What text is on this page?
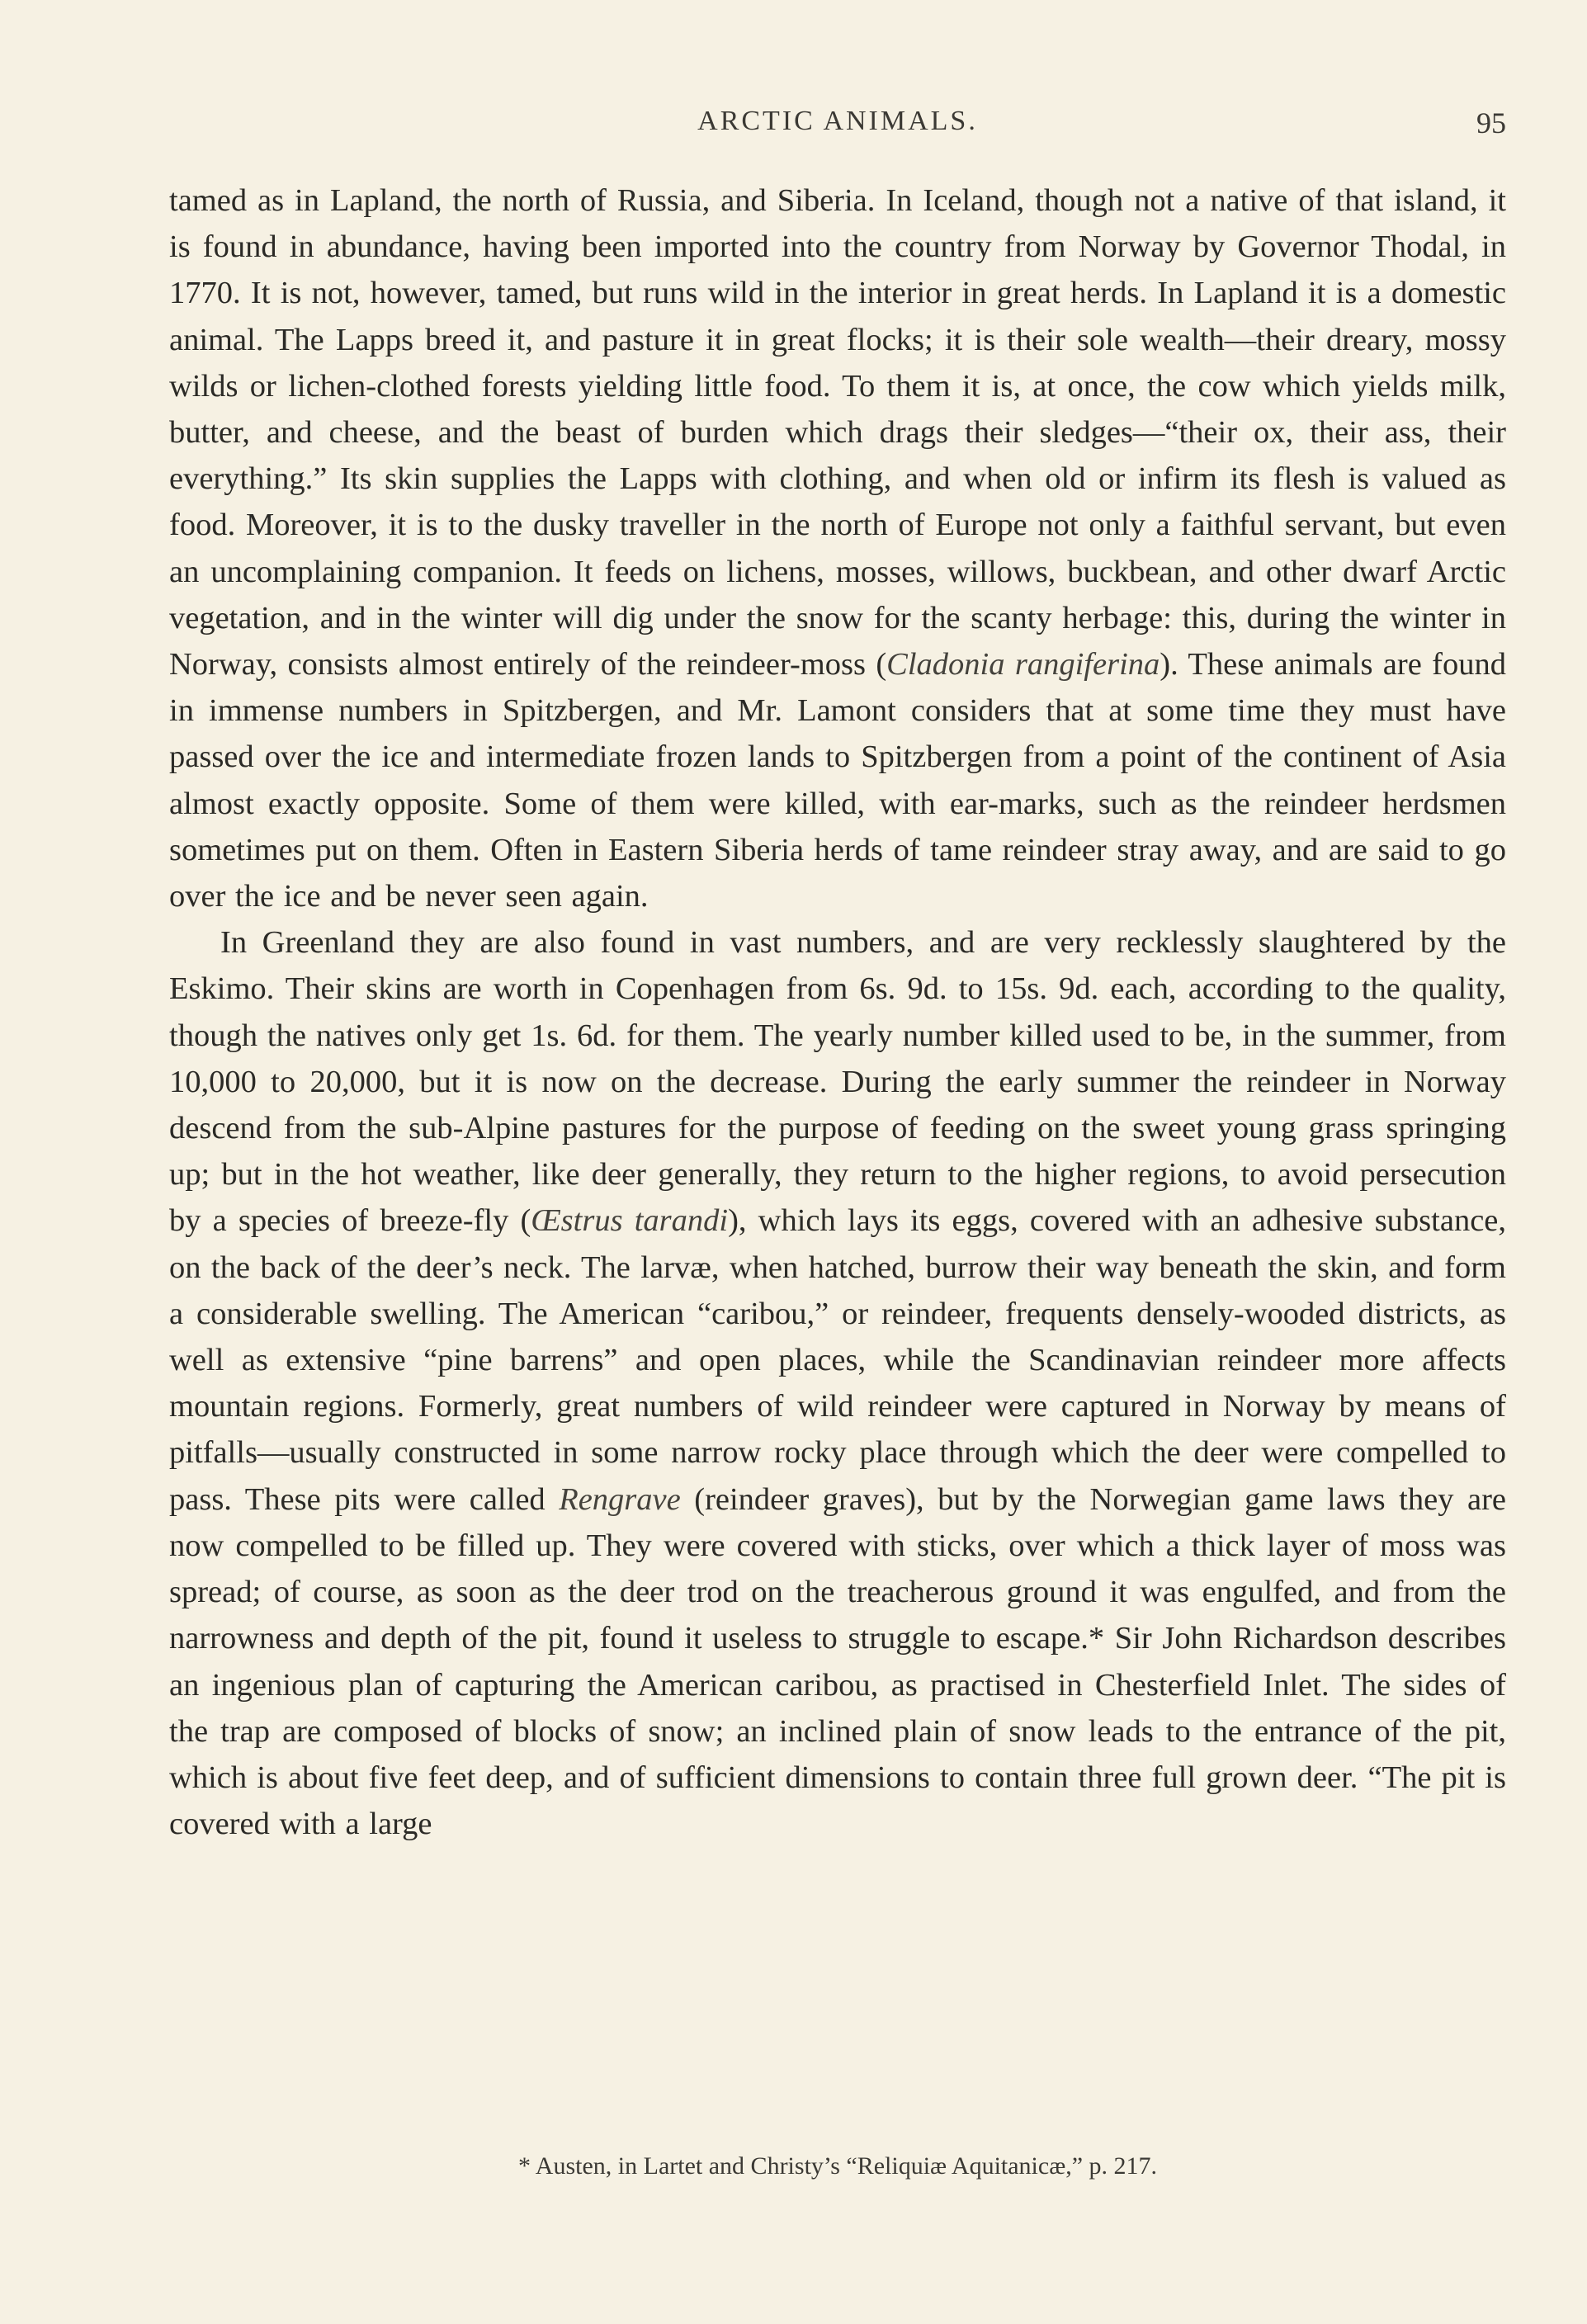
ARCTIC ANIMALS.	95

tamed as in Lapland, the north of Russia, and Siberia. In Iceland, though not a native of that island, it is found in abundance, having been imported into the country from Norway by Governor Thodal, in 1770. It is not, however, tamed, but runs wild in the interior in great herds. In Lapland it is a domestic animal. The Lapps breed it, and pasture it in great flocks; it is their sole wealth—their dreary, mossy wilds or lichen-clothed forests yielding little food. To them it is, at once, the cow which yields milk, butter, and cheese, and the beast of burden which drags their sledges—“their ox, their ass, their everything.” Its skin supplies the Lapps with clothing, and when old or infirm its flesh is valued as food. Moreover, it is to the dusky traveller in the north of Europe not only a faithful servant, but even an uncomplaining companion. It feeds on lichens, mosses, willows, buckbean, and other dwarf Arctic vegetation, and in the winter will dig under the snow for the scanty herbage: this, during the winter in Norway, consists almost entirely of the reindeer-moss (Cladonia rangiferina). These animals are found in immense numbers in Spitzbergen, and Mr. Lamont considers that at some time they must have passed over the ice and intermediate frozen lands to Spitzbergen from a point of the continent of Asia almost exactly opposite. Some of them were killed, with ear-marks, such as the reindeer herdsmen sometimes put on them. Often in Eastern Siberia herds of tame reindeer stray away, and are said to go over the ice and be never seen again.

In Greenland they are also found in vast numbers, and are very recklessly slaughtered by the Eskimo. Their skins are worth in Copenhagen from 6s. 9d. to 15s. 9d. each, according to the quality, though the natives only get 1s. 6d. for them. The yearly number killed used to be, in the summer, from 10,000 to 20,000, but it is now on the decrease. During the early summer the reindeer in Norway descend from the sub-Alpine pastures for the purpose of feeding on the sweet young grass springing up; but in the hot weather, like deer generally, they return to the higher regions, to avoid persecution by a species of breeze-fly (Œstrus tarandi), which lays its eggs, covered with an adhesive substance, on the back of the deer’s neck. The larvæ, when hatched, burrow their way beneath the skin, and form a considerable swelling. The American “caribou,” or reindeer, frequents densely-wooded districts, as well as extensive “pine barrens” and open places, while the Scandinavian reindeer more affects mountain regions. Formerly, great numbers of wild reindeer were captured in Norway by means of pitfalls—usually constructed in some narrow rocky place through which the deer were compelled to pass. These pits were called Rengrave (reindeer graves), but by the Norwegian game laws they are now compelled to be filled up. They were covered with sticks, over which a thick layer of moss was spread; of course, as soon as the deer trod on the treacherous ground it was engulfed, and from the narrowness and depth of the pit, found it useless to struggle to escape.* Sir John Richardson describes an ingenious plan of capturing the American caribou, as practised in Chesterfield Inlet. The sides of the trap are composed of blocks of snow; an inclined plain of snow leads to the entrance of the pit, which is about five feet deep, and of sufficient dimensions to contain three full grown deer. “The pit is covered with a large

* Austen, in Lartet and Christy’s “Reliquiæ Aquitanicæ,” p. 217.
